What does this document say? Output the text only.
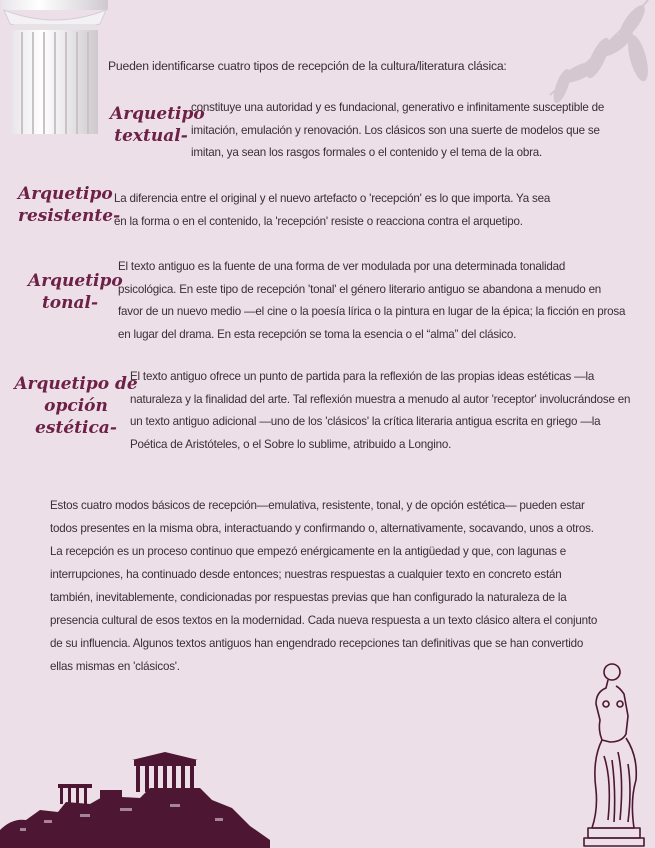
Pueden identificarse cuatro tipos de recepción de la cultura/literatura clásica:
Arquetipo
textual-
constituye una autoridad y es fundacional, generativo e infinitamente susceptible de imitación, emulación y renovación. Los clásicos son una suerte de modelos que se imitan, ya sean los rasgos formales o el contenido y el tema de la obra.
Arquetipo
resistente-
La diferencia entre el original y el nuevo artefacto o 'recepción' es lo que importa. Ya sea en la forma o en el contenido, la 'recepción' resiste o reacciona contra el arquetipo.
Arquetipo
tonal-
El texto antiguo es la fuente de una forma de ver modulada por una determinada tonalidad psicológica. En este tipo de recepción 'tonal' el género literario antiguo se abandona a menudo en favor de un nuevo medio —el cine o la poesía lírica o la pintura en lugar de la épica; la ficción en prosa en lugar del drama. En esta recepción se toma la esencia o el “alma” del clásico.
Arquetipo de
opción estética-
El texto antiguo ofrece un punto de partida para la reflexión de las propias ideas estéticas —la naturaleza y la finalidad del arte. Tal reflexión muestra a menudo al autor 'receptor' involucrándose en un texto antiguo adicional —uno de los 'clásicos' la crítica literaria antigua escrita en griego —la Poética de Aristóteles, o el Sobre lo sublime, atribuido a Longino.
Estos cuatro modos básicos de recepción—emulativa, resistente, tonal, y de opción estética— pueden estar todos presentes en la misma obra, interactuando y confirmando o, alternativamente, socavando, unos a otros. La recepción es un proceso continuo que empezó enérgicamente en la antigüedad y que, con lagunas e interrupciones, ha continuado desde entonces; nuestras respuestas a cualquier texto en concreto están también, inevitablemente, condicionadas por respuestas previas que han configurado la naturaleza de la presencia cultural de esos textos en la modernidad. Cada nueva respuesta a un texto clásico altera el conjunto de su influencia. Algunos textos antiguos han engendrado recepciones tan definitivas que se han convertido ellas mismas en 'clásicos'.
